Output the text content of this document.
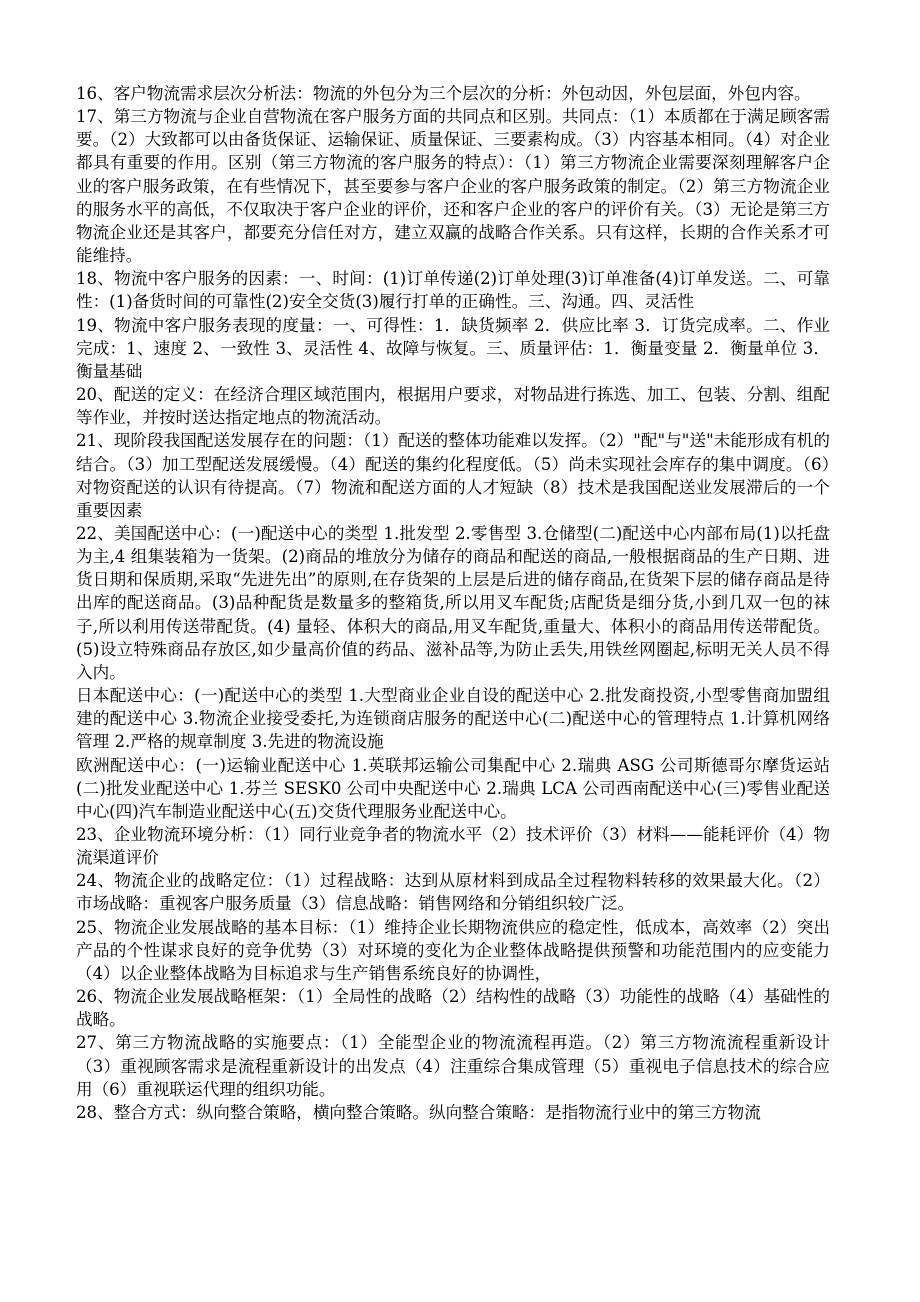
16、客户物流需求层次分析法：物流的外包分为三个层次的分析：外包动因，外包层面，外包内容。

17、第三方物流与企业自营物流在客户服务方面的共同点和区别。共同点：（1）本质都在于满足顾客需要。（2）大致都可以由备货保证、运输保证、质量保证、三要素构成。（3）内容基本相同。（4）对企业都具有重要的作用。区别（第三方物流的客户服务的特点）：（1）第三方物流企业需要深刻理解客户企业的客户服务政策，在有些情况下，甚至要参与客户企业的客户服务政策的制定。（2）第三方物流企业的服务水平的高低，不仅取决于客户企业的评价，还和客户企业的客户的评价有关。（3）无论是第三方物流企业还是其客户，都要充分信任对方，建立双赢的战略合作关系。只有这样，长期的合作关系才可能维持。

18、物流中客户服务的因素：一、时间：(1)订单传递(2)订单处理(3)订单准备(4)订单发送。二、可靠性：(1)备货时间的可靠性(2)安全交货(3)履行打单的正确性。三、沟通。四、灵活性

19、物流中客户服务表现的度量：一、可得性：1．缺货频率 2．供应比率 3．订货完成率。二、作业完成：1、速度 2、一致性 3、灵活性 4、故障与恢复。三、质量评估：1．衡量变量 2．衡量单位 3．衡量基础

20、配送的定义：在经济合理区域范围内，根据用户要求，对物品进行拣选、加工、包装、分割、组配等作业，并按时送达指定地点的物流活动。

21、现阶段我国配送发展存在的问题：（1）配送的整体功能难以发挥。（2）"配"与"送"未能形成有机的结合。（3）加工型配送发展缓慢。（4）配送的集约化程度低。（5）尚未实现社会库存的集中调度。（6）对物资配送的认识有待提高。（7）物流和配送方面的人才短缺（8）技术是我国配送业发展滞后的一个重要因素

22、美国配送中心：(一)配送中心的类型 1.批发型 2.零售型 3.仓储型(二)配送中心内部布局(1)以托盘为主,4 组集装箱为一货架。(2)商品的堆放分为储存的商品和配送的商品,一般根据商品的生产日期、进货日期和保质期,采取“先进先出”的原则,在存货架的上层是后进的储存商品,在货架下层的储存商品是待出库的配送商品。(3)品种配货是数量多的整箱货,所以用叉车配货;店配货是细分货,小到几双一包的袜子,所以利用传送带配货。(4) 量轻、体积大的商品,用叉车配货,重量大、体积小的商品用传送带配货。(5)设立特殊商品存放区,如少量高价值的药品、滋补品等,为防止丢失,用铁丝网圈起,标明无关人员不得入内。

日本配送中心：(一)配送中心的类型 1.大型商业企业自设的配送中心 2.批发商投资,小型零售商加盟组建的配送中心 3.物流企业接受委托,为连锁商店服务的配送中心(二)配送中心的管理特点 1.计算机网络管理 2.严格的规章制度 3.先进的物流设施

欧洲配送中心：(一)运输业配送中心 1.英联邦运输公司集配中心 2.瑞典 ASG 公司斯德哥尔摩货运站(二)批发业配送中心 1.芬兰 SESK0 公司中央配送中心 2.瑞典 LCA 公司西南配送中心(三)零售业配送中心(四)汽车制造业配送中心(五)交货代理服务业配送中心。

23、企业物流环境分析：（1）同行业竞争者的物流水平（2）技术评价（3）材料——能耗评价（4）物流渠道评价

24、物流企业的战略定位：（1）过程战略：达到从原材料到成品全过程物料转移的效果最大化。（2）市场战略：重视客户服务质量（3）信息战略：销售网络和分销组织较广泛。

25、物流企业发展战略的基本目标：（1）维持企业长期物流供应的稳定性，低成本，高效率（2）突出产品的个性谋求良好的竞争优势（3）对环境的变化为企业整体战略提供预警和功能范围内的应变能力（4）以企业整体战略为目标追求与生产销售系统良好的协调性，

26、物流企业发展战略框架：（1）全局性的战略（2）结构性的战略（3）功能性的战略（4）基础性的战略。

27、第三方物流战略的实施要点：（1）全能型企业的物流流程再造。（2）第三方物流流程重新设计（3）重视顾客需求是流程重新设计的出发点（4）注重综合集成管理（5）重视电子信息技术的综合应用（6）重视联运代理的组织功能。

28、整合方式：纵向整合策略，横向整合策略。纵向整合策略：是指物流行业中的第三方物流
